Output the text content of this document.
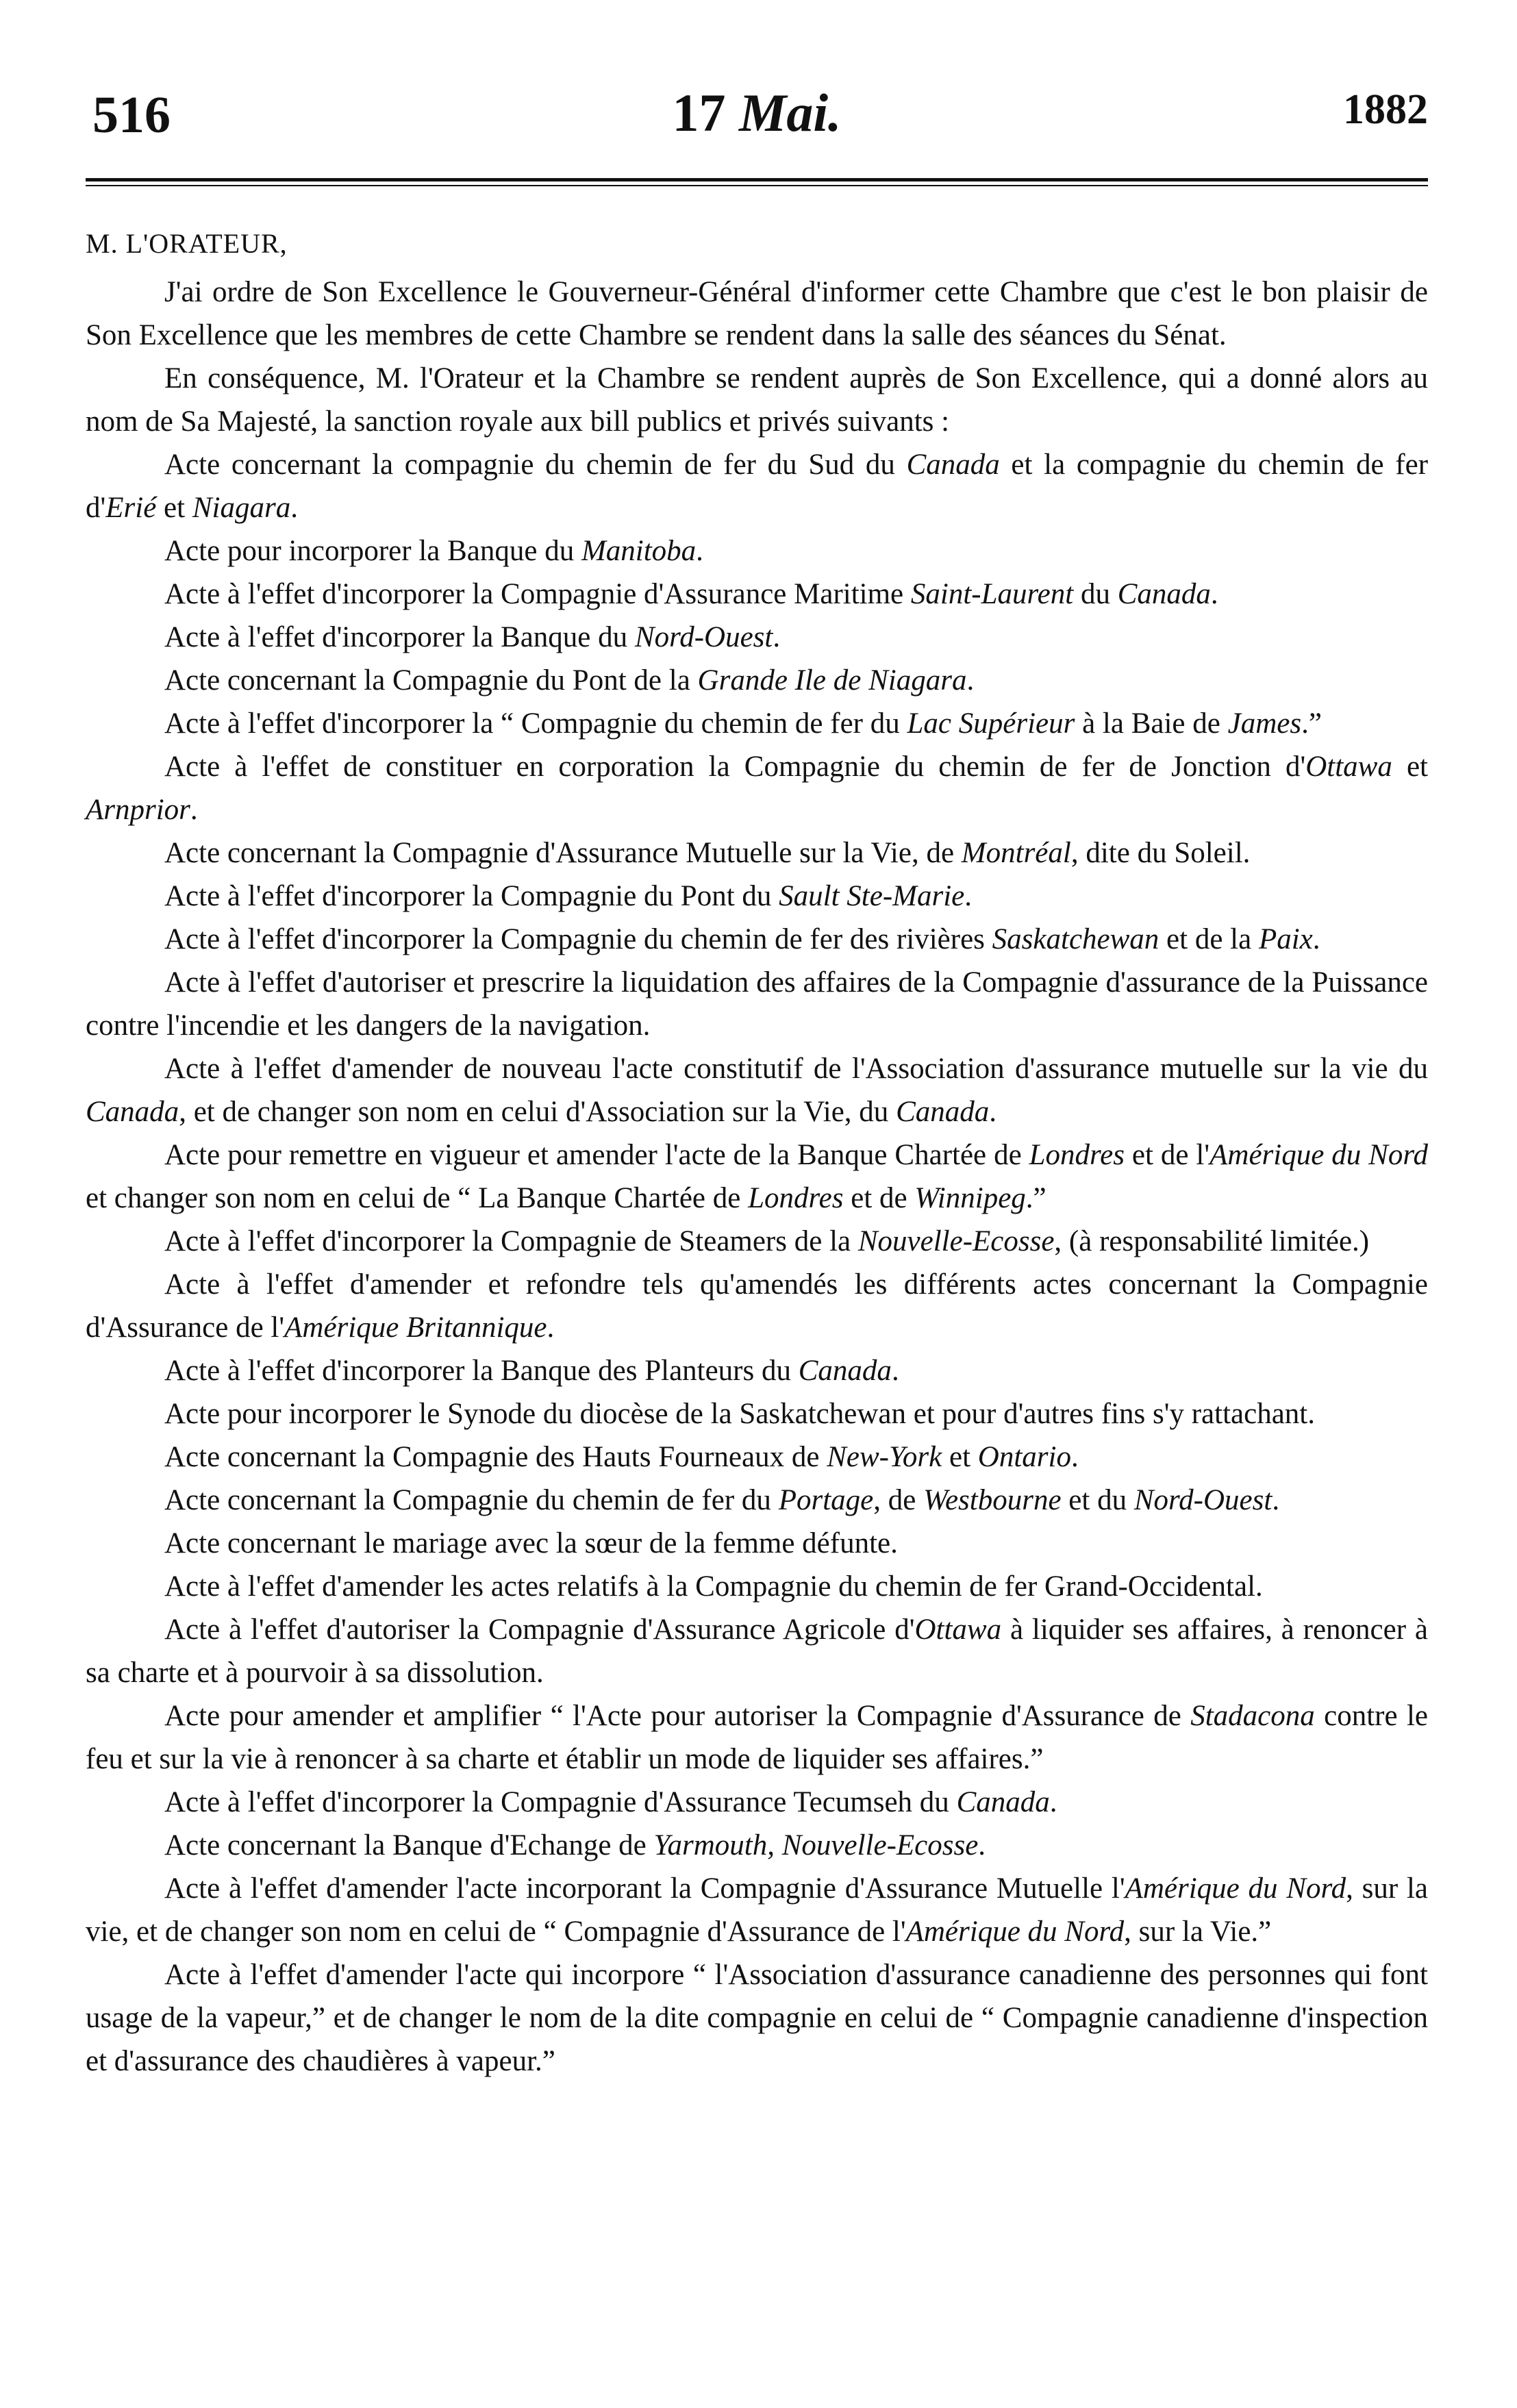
516	17 Mai.	1882
M. L'ORATEUR,

J'ai ordre de Son Excellence le Gouverneur-Général d'informer cette Chambre que c'est le bon plaisir de Son Excellence que les membres de cette Chambre se rendent dans la salle des séances du Sénat.

En conséquence, M. l'Orateur et la Chambre se rendent auprès de Son Excellence, qui a donné alors au nom de Sa Majesté, la sanction royale aux bill publics et privés suivants :

Acte concernant la compagnie du chemin de fer du Sud du Canada et la compagnie du chemin de fer d'Erié et Niagara.

Acte pour incorporer la Banque du Manitoba.

Acte à l'effet d'incorporer la Compagnie d'Assurance Maritime Saint-Laurent du Canada.

Acte à l'effet d'incorporer la Banque du Nord-Ouest.

Acte concernant la Compagnie du Pont de la Grande Ile de Niagara.

Acte à l'effet d'incorporer la “ Compagnie du chemin de fer du Lac Supérieur à la Baie de James.”

Acte à l'effet de constituer en corporation la Compagnie du chemin de fer de Jonction d'Ottawa et Arnprior.

Acte concernant la Compagnie d'Assurance Mutuelle sur la Vie, de Montréal, dite du Soleil.

Acte à l'effet d'incorporer la Compagnie du Pont du Sault Ste-Marie.

Acte à l'effet d'incorporer la Compagnie du chemin de fer des rivières Saskatchewan et de la Paix.

Acte à l'effet d'autoriser et prescrire la liquidation des affaires de la Compagnie d'assurance de la Puissance contre l'incendie et les dangers de la navigation.

Acte à l'effet d'amender de nouveau l'acte constitutif de l'Association d'assurance mutuelle sur la vie du Canada, et de changer son nom en celui d'Association sur la Vie, du Canada.

Acte pour remettre en vigueur et amender l'acte de la Banque Chartée de Londres et de l'Amérique du Nord et changer son nom en celui de “ La Banque Chartée de Londres et de Winnipeg.”

Acte à l'effet d'incorporer la Compagnie de Steamers de la Nouvelle-Ecosse, (à responsabilité limitée.)

Acte à l'effet d'amender et refondre tels qu'amendés les différents actes concernant la Compagnie d'Assurance de l'Amérique Britannique.

Acte à l'effet d'incorporer la Banque des Planteurs du Canada.

Acte pour incorporer le Synode du diocèse de la Saskatchewan et pour d'autres fins s'y rattachant.

Acte concernant la Compagnie des Hauts Fourneaux de New-York et Ontario.

Acte concernant la Compagnie du chemin de fer du Portage, de Westbourne et du Nord-Ouest.

Acte concernant le mariage avec la sœur de la femme défunte.

Acte à l'effet d'amender les actes relatifs à la Compagnie du chemin de fer Grand-Occidental.

Acte à l'effet d'autoriser la Compagnie d'Assurance Agricole d'Ottawa à liquider ses affaires, à renoncer à sa charte et à pourvoir à sa dissolution.

Acte pour amender et amplifier “ l'Acte pour autoriser la Compagnie d'Assurance de Stadacona contre le feu et sur la vie à renoncer à sa charte et établir un mode de liquider ses affaires.”

Acte à l'effet d'incorporer la Compagnie d'Assurance Tecumseh du Canada.

Acte concernant la Banque d'Echange de Yarmouth, Nouvelle-Ecosse.

Acte à l'effet d'amender l'acte incorporant la Compagnie d'Assurance Mutuelle l'Amérique du Nord, sur la vie, et de changer son nom en celui de “ Compagnie d'Assurance de l'Amérique du Nord, sur la Vie.”

Acte à l'effet d'amender l'acte qui incorpore “ l'Association d'assurance canadienne des personnes qui font usage de la vapeur,” et de changer le nom de la dite compagnie en celui de “ Compagnie canadienne d'inspection et d'assurance des chaudières à vapeur.”
